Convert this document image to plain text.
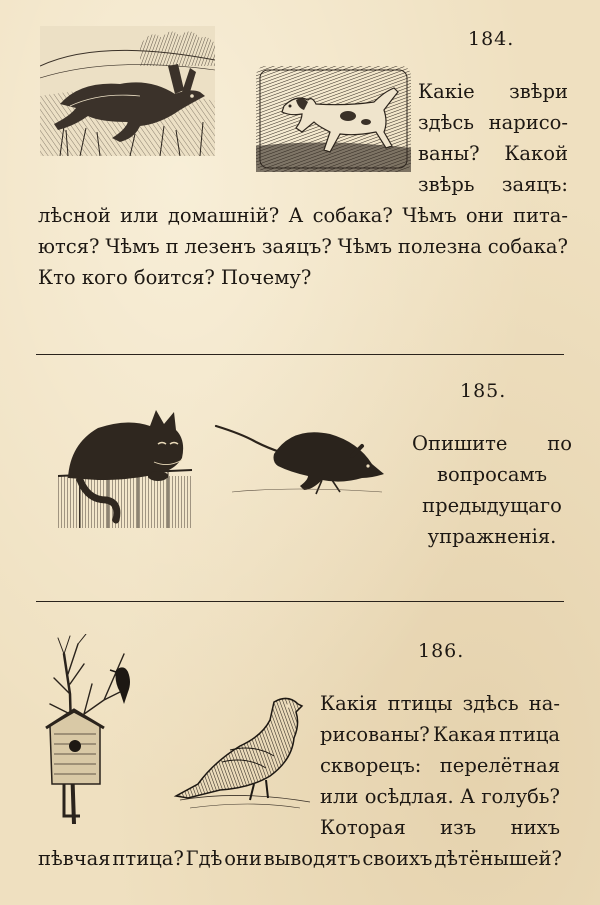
184.
Какіе звѣри
здѣсь нарисо-
ваны? Какой
звѣрь заяцъ:
лѣсной или домашній? А собака? Чѣмъ они пита-
ются? Чѣмъ п лезенъ заяцъ? Чѣмъ полезна собака?
Кто кого боится? Почему?
185.
Опишите по
вопросамъ
предыдущаго
упражненія.
186.
Какія птицы здѣсь на-
рисованы? Какая птица
скворецъ: перелётная
или осѣдлая. А голубь?
Которая изъ нихъ
пѣвчая птица? Гдѣ они выводятъ своихъ дѣтёнышей?
